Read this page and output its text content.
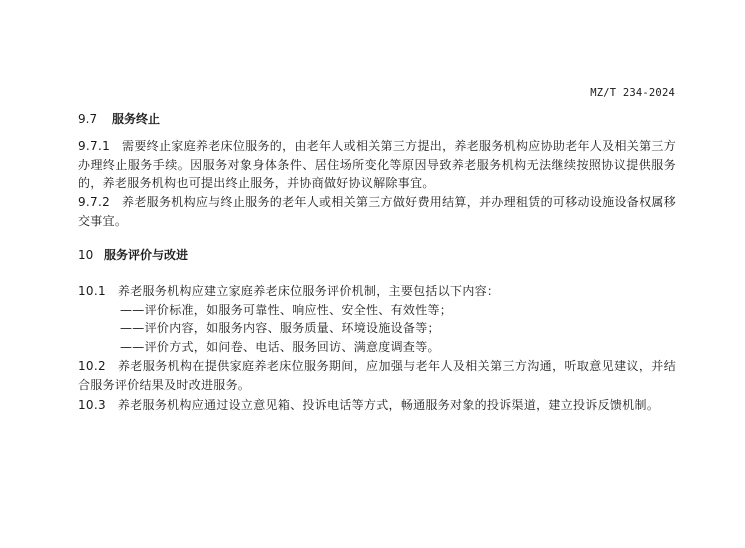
MZ/T 234-2024
9.7 服务终止
9.7.1 需要终止家庭养老床位服务的，由老年人或相关第三方提出，养老服务机构应协助老年人及相关第三方办理终止服务手续。因服务对象身体条件、居住场所变化等原因导致养老服务机构无法继续按照协议提供服务的，养老服务机构也可提出终止服务，并协商做好协议解除事宜。
9.7.2 养老服务机构应与终止服务的老年人或相关第三方做好费用结算，并办理租赁的可移动设施设备权属移交事宜。
10 服务评价与改进
10.1 养老服务机构应建立家庭养老床位服务评价机制，主要包括以下内容：
——评价标准，如服务可靠性、响应性、安全性、有效性等；
——评价内容，如服务内容、服务质量、环境设施设备等；
——评价方式，如问卷、电话、服务回访、满意度调查等。
10.2 养老服务机构在提供家庭养老床位服务期间，应加强与老年人及相关第三方沟通，听取意见建议，并结合服务评价结果及时改进服务。
10.3 养老服务机构应通过设立意见箱、投诉电话等方式，畅通服务对象的投诉渠道，建立投诉反馈机制。
